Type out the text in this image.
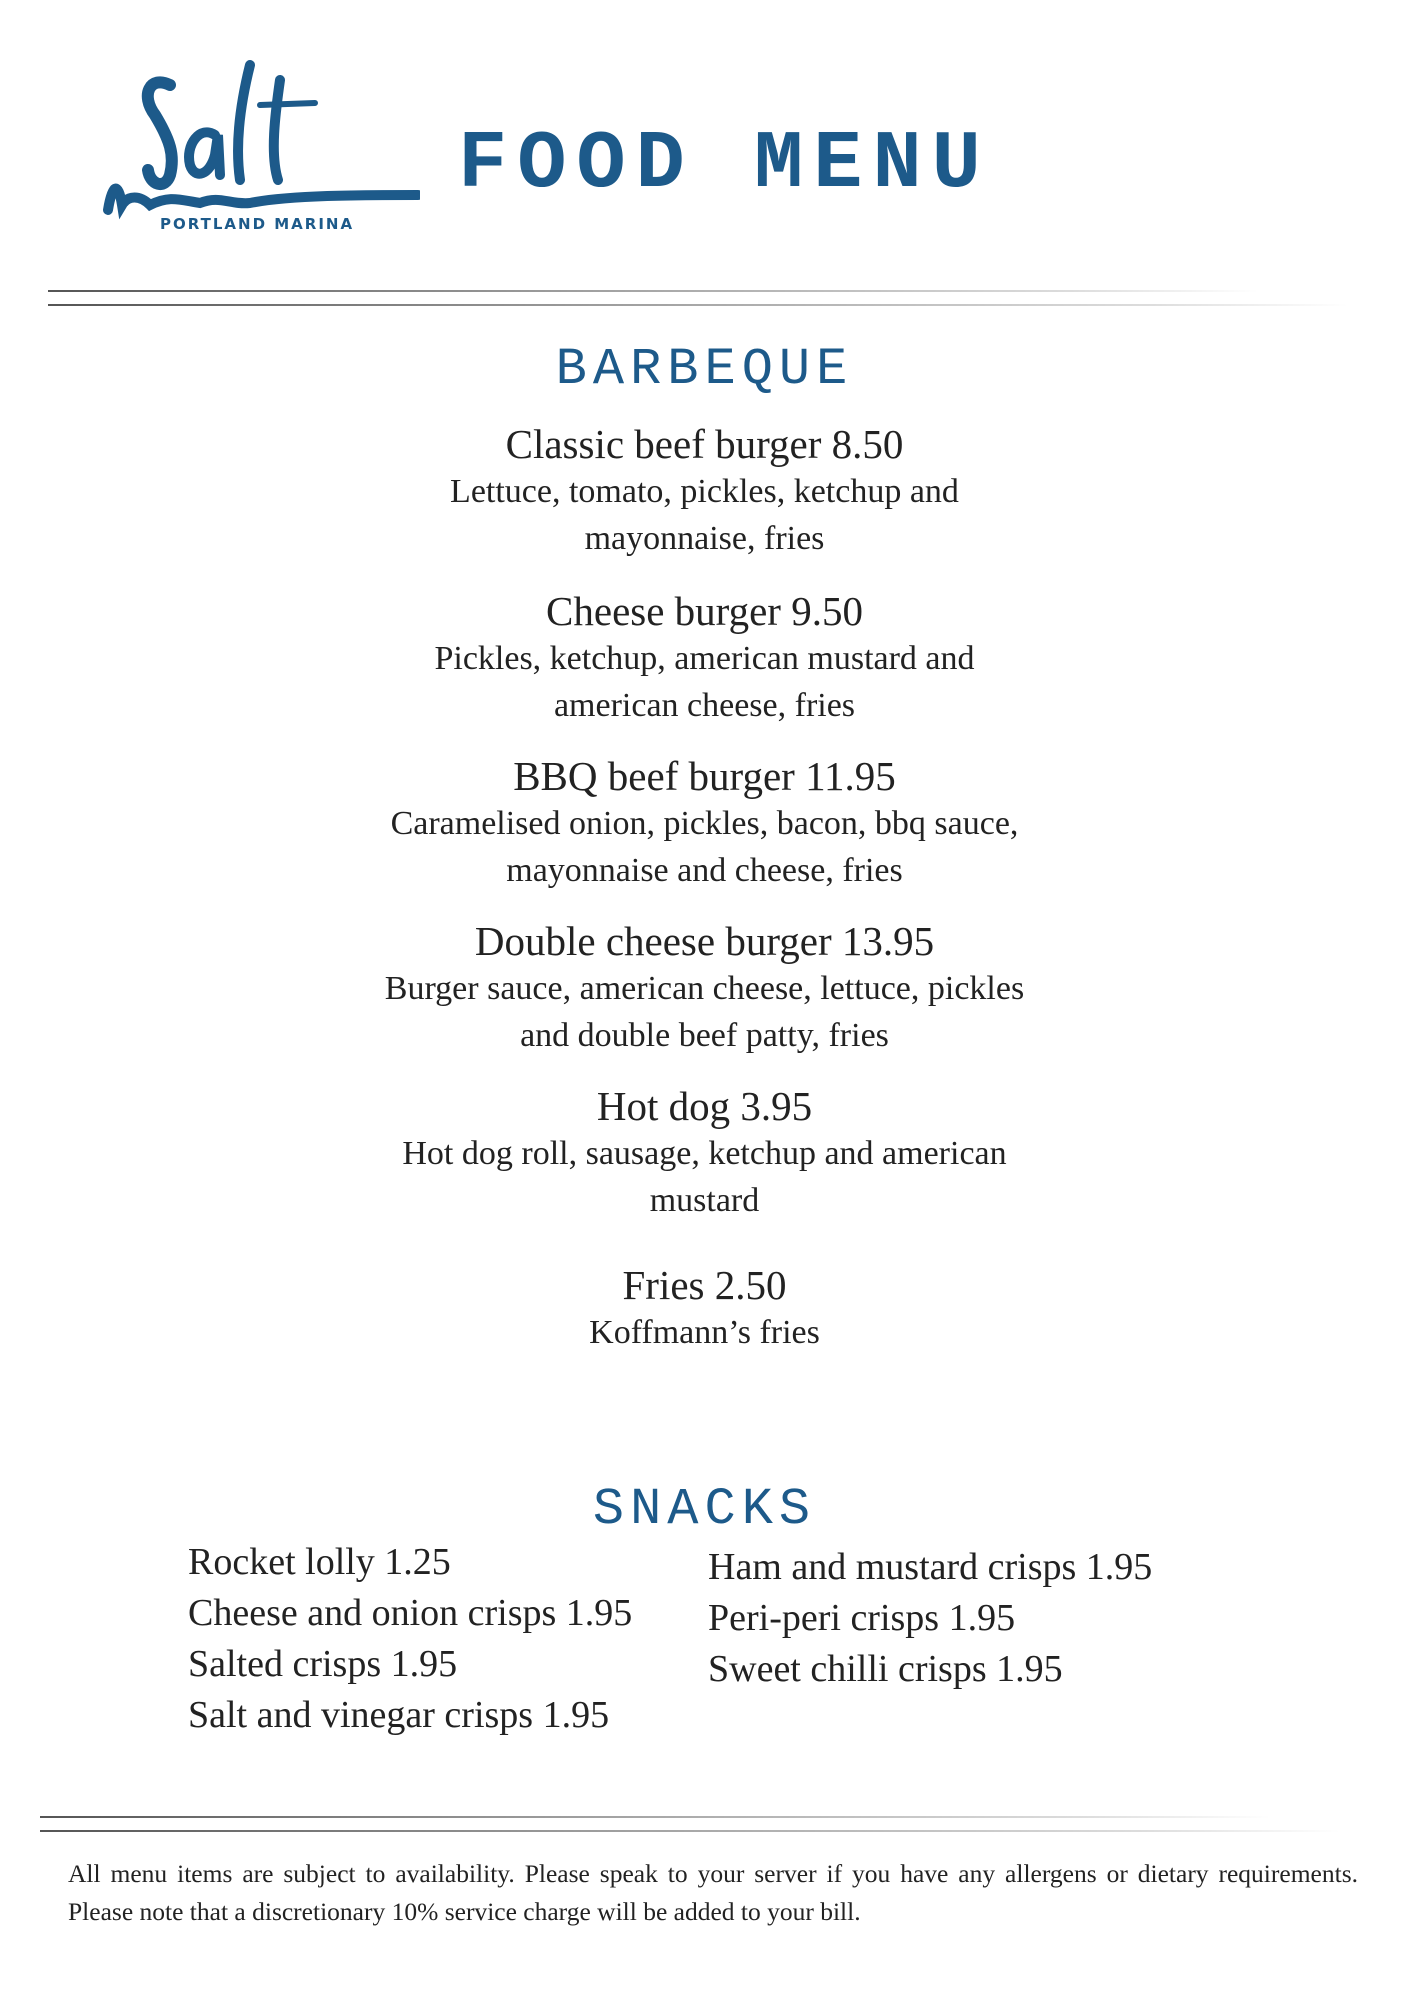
PORTLAND MARINA
FOOD MENU
BARBEQUE
Classic beef burger 8.50
Lettuce, tomato, pickles, ketchup and mayonnaise, fries
Cheese burger 9.50
Pickles, ketchup, american mustard and american cheese, fries
BBQ beef burger 11.95
Caramelised onion, pickles, bacon, bbq sauce, mayonnaise and cheese, fries
Double cheese burger 13.95
Burger sauce, american cheese, lettuce, pickles and double beef patty, fries
Hot dog 3.95
Hot dog roll, sausage, ketchup and american mustard
Fries 2.50
Koffmann’s fries
SNACKS
Rocket lolly 1.25
Cheese and onion crisps 1.95
Salted crisps 1.95
Salt and vinegar crisps 1.95
Ham and mustard crisps 1.95
Peri-peri crisps 1.95
Sweet chilli crisps 1.95
All menu items are subject to availability. Please speak to your server if you have any allergens or dietary requirements. Please note that a discretionary 10% service charge will be added to your bill.
